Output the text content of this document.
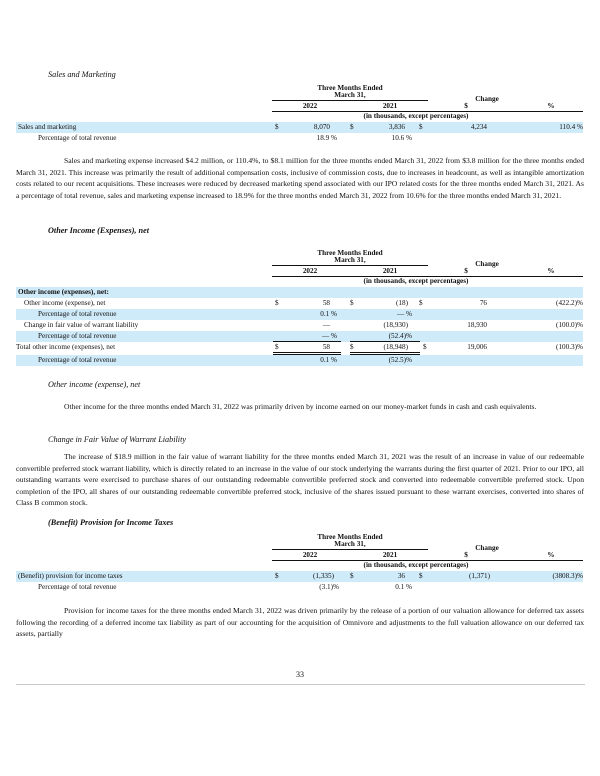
Sales and Marketing
Three Months Ended
March 31,	Change
2022	2021	$	%
(in thousands, except percentages)
Sales and marketing	$	8,070	$	3,836 $	4,234	110.4 %
Percentage of total revenue	18.9 %	10.6 %
Sales and marketing expense increased $4.2 million, or 110.4%, to $8.1 million for the three months ended March 31, 2022 from $3.8 million for the three months ended March 31, 2021. This increase was primarily the result of additional compensation costs, inclusive of commission costs, due to increases in headcount, as well as intangible amortization costs related to our recent acquisitions. These increases were reduced by decreased marketing spend associated with our IPO related costs for the three months ended March 31, 2021. As a percentage of total revenue, sales and marketing expense increased to 18.9% for the three months ended March 31, 2022 from 10.6% for the three months ended March 31, 2021.
Other Income (Expenses), net
Three Months Ended
March 31,	Change
2022	2021	$	%
(in thousands, except percentages)
Other income (expenses), net:
Other income (expense), net	$	58	$	(18) $	76	(422.2)%
Percentage of total revenue	0.1 %	— %
Change in fair value of warrant liability	—	(18,930)	18,930	(100.0)%
Percentage of total revenue	— %	(52.4)%
Total other income (expenses), net	$	58	$	(18,948) $	19,006	(100.3)%
Percentage of total revenue	0.1 %	(52.5)%
Other income (expense), net
Other income for the three months ended March 31, 2022 was primarily driven by income earned on our money-market funds in cash and cash equivalents.
Change in Fair Value of Warrant Liability
The increase of $18.9 million in the fair value of warrant liability for the three months ended March 31, 2021 was the result of an increase in value of our redeemable convertible preferred stock warrant liability, which is directly related to an increase in the value of our stock underlying the warrants during the first quarter of 2021. Prior to our IPO, all outstanding warrants were exercised to purchase shares of our outstanding redeemable convertible preferred stock and converted into redeemable convertible preferred stock. Upon completion of the IPO, all shares of our outstanding redeemable convertible preferred stock, inclusive of the shares issued pursuant to these warrant exercises, converted into shares of Class B common stock.
(Benefit) Provision for Income Taxes
Three Months Ended
March 31,	Change
2022	2021	$	%
(in thousands, except percentages)
(Benefit) provision for income taxes	$	(1,335) $	36 $	(1,371)	(3808.3)%
Percentage of total revenue	(3.1)%	0.1 %
Provision for income taxes for the three months ended March 31, 2022 was driven primarily by the release of a portion of our valuation allowance for deferred tax assets following the recording of a deferred income tax liability as part of our accounting for the acquisition of Omnivore and adjustments to the full valuation allowance on our deferred tax assets, partially
33
